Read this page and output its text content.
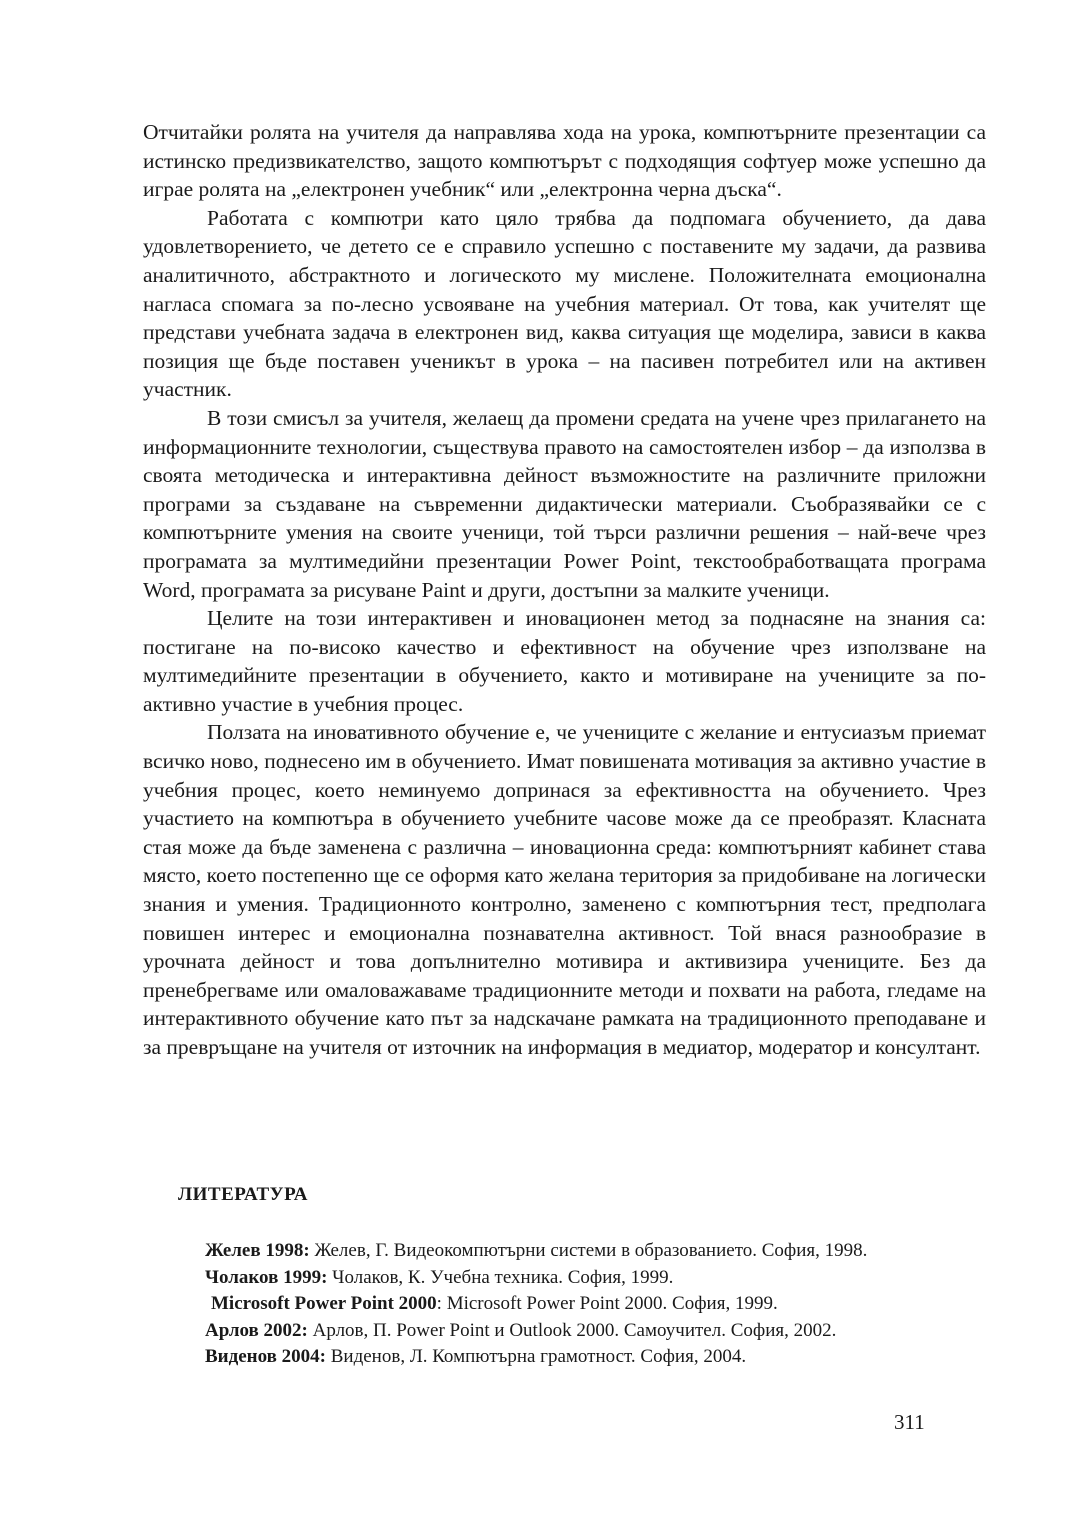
Отчитайки ролята на учителя да направлява хода на урока, компютърните презентации са истинско предизвикателство, защото компютърът с подходящия софтуер може успешно да играе ролята на „електронен учебник“ или „електронна черна дъска“.

Работата с компютри като цяло трябва да подпомага обучението, да дава удовлетворението, че детето се е справило успешно с поставените му задачи, да развива аналитичното, абстрактното и логическото му мислене. Положителната емоционална нагласа спомага за по-лесно усвояване на учебния материал. От това, как учителят ще представи учебната задача в електронен вид, каква ситуация ще моделира, зависи в каква позиция ще бъде поставен ученикът в урока – на пасивен потребител или на активен участник.

В този смисъл за учителя, желаещ да промени средата на учене чрез прилагането на информационните технологии, съществува правото на самостоятелен избор – да използва в своята методическа и интерактивна дейност възможностите на различните приложни програми за създаване на съвременни дидактически материали. Съобразявайки се с компютърните умения на своите ученици, той търси различни решения – най-вече чрез програмата за мултимедийни презентации Power Point, текстообработващата програма Word, програмата за рисуване Paint и други, достъпни за малките ученици.

Целите на този интерактивен и иновационен метод за поднасяне на знания са: постигане на по-високо качество и ефективност на обучение чрез използване на мултимедийните презентации в обучението, както и мотивиране на учениците за по-активно участие в учебния процес.

Ползата на иновативното обучение е, че учениците с желание и ентусиазъм приемат всичко ново, поднесено им в обучението. Имат повишената мотивация за активно участие в учебния процес, което неминуемо допринася за ефективността на обучението. Чрез участието на компютъра в обучението учебните часове може да се преобразят. Класната стая може да бъде заменена с различна – иновационна среда: компютърният кабинет става място, което постепенно ще се оформя като желана територия за придобиване на логически знания и умения. Традиционното контролно, заменено с компютърния тест, предполага повишен интерес и емоционална познавателна активност. Той внася разнообразие в урочната дейност и това допълнително мотивира и активизира учениците. Без да пренебрегваме или омаловажаваме традиционните методи и похвати на работа, гледаме на интерактивното обучение като път за надскачане рамката на традиционното преподаване и за превръщане на учителя от източник на информация в медиатор, модератор и консултант.

ЛИТЕРАТУРА
Желев 1998: Желев, Г. Видеокомпютърни системи в образованието. София, 1998.
Чолаков 1999: Чолаков, К. Учебна техника. София, 1999.
Microsoft Power Point 2000: Microsoft Power Point 2000. София, 1999.
Арлов 2002: Арлов, П. Power Point и Outlook 2000. Самоучител. София, 2002.
Виденов 2004: Виденов, Л. Компютърна грамотност. София, 2004.
311
